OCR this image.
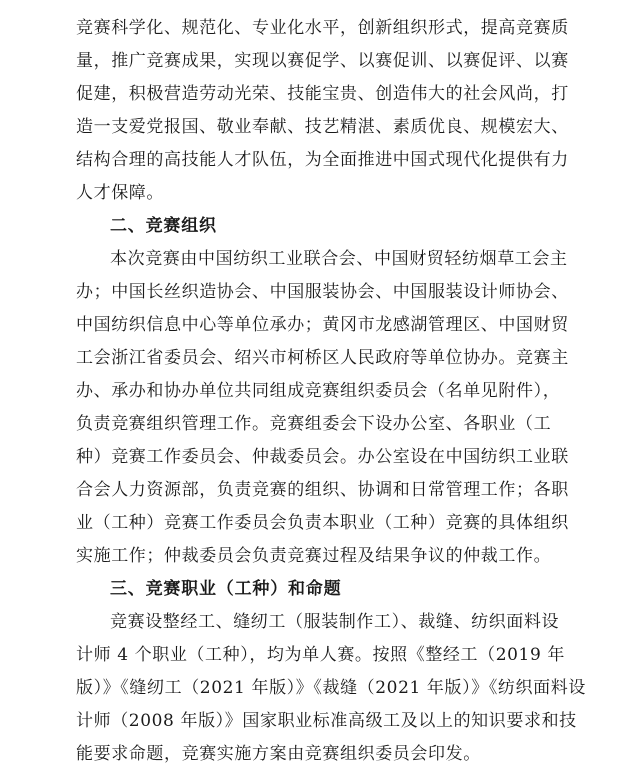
竞赛科学化、规范化、专业化水平，创新组织形式，提高竞赛质
量，推广竞赛成果，实现以赛促学、以赛促训、以赛促评、以赛
促建，积极营造劳动光荣、技能宝贵、创造伟大的社会风尚，打
造一支爱党报国、敬业奉献、技艺精湛、素质优良、规模宏大、
结构合理的高技能人才队伍，为全面推进中国式现代化提供有力
人才保障。
二、竞赛组织
本次竞赛由中国纺织工业联合会、中国财贸轻纺烟草工会主
办；中国长丝织造协会、中国服装协会、中国服装设计师协会、
中国纺织信息中心等单位承办；黄冈市龙感湖管理区、中国财贸
工会浙江省委员会、绍兴市柯桥区人民政府等单位协办。竞赛主
办、承办和协办单位共同组成竞赛组织委员会（名单见附件），
负责竞赛组织管理工作。竞赛组委会下设办公室、各职业（工
种）竞赛工作委员会、仲裁委员会。办公室设在中国纺织工业联
合会人力资源部，负责竞赛的组织、协调和日常管理工作；各职
业（工种）竞赛工作委员会负责本职业（工种）竞赛的具体组织
实施工作；仲裁委员会负责竞赛过程及结果争议的仲裁工作。
三、竞赛职业（工种）和命题
竞赛设整经工、缝纫工（服装制作工）、裁缝、纺织面料设
计师 4 个职业（工种），均为单人赛。按照《整经工（2019 年
版）》《缝纫工（2021 年版）》《裁缝（2021 年版）》《纺织面料设
计师（2008 年版）》国家职业标准高级工及以上的知识要求和技
能要求命题，竞赛实施方案由竞赛组织委员会印发。
